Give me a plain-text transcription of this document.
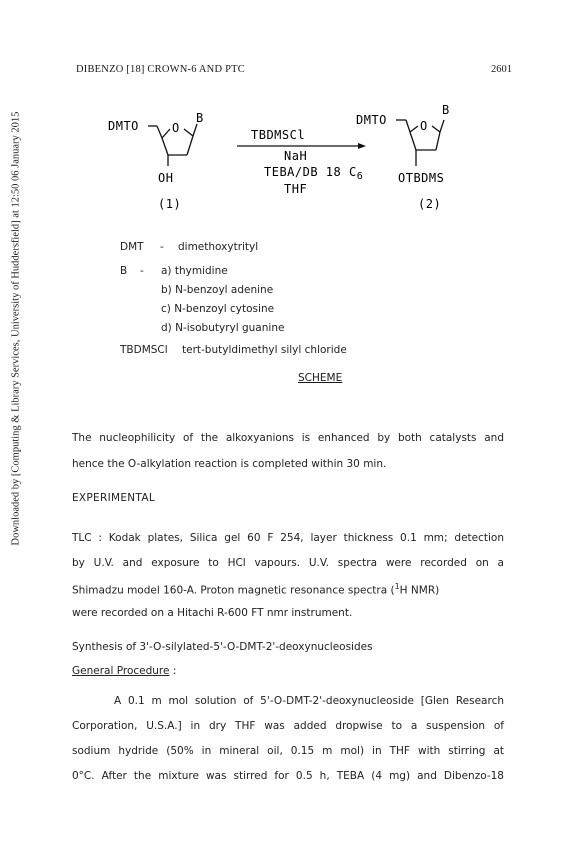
Downloaded by [Computing & Library Services, University of Huddersfield] at 12:50 06 January 2015
DIBENZO [18] CROWN-6 AND PTC	2601
DMTO	O
B
OH
(1)
TBDMSCl
NaH
TEBA/DB 18 $C_6$
THF
DMTO	O
B
OTBDMS
(2)
DMT - dimethoxytrityl
B - a) thymidine
b) N-benzoyl adenine
c) N-benzoyl cytosine
d) N-isobutyryl guanine
TBDMSCl tert-butyldimethyl silyl chloride
SCHEME
The nucleophilicity of the alkoxyanions is enhanced by both catalysts and
hence the O-alkylation reaction is completed within 30 min.
EXPERIMENTAL
TLC : Kodak plates, Silica gel 60 F 254, layer thickness 0.1 mm; detection
by U.V. and exposure to HCl vapours. U.V. spectra were recorded on a
Shimadzu model 160-A. Proton magnetic resonance spectra ($^1$H NMR)
were recorded on a Hitachi R-600 FT nmr instrument.
Synthesis of 3'-O-silylated-5'-O-DMT-2'-deoxynucleosides
General Procedure :
A 0.1 m mol solution of 5'-O-DMT-2'-deoxynucleoside [Glen Research
Corporation, U.S.A.] in dry THF was added dropwise to a suspension of
sodium hydride (50% in mineral oil, 0.15 m mol) in THF with stirring at
0°C. After the mixture was stirred for 0.5 h, TEBA (4 mg) and Dibenzo-18
